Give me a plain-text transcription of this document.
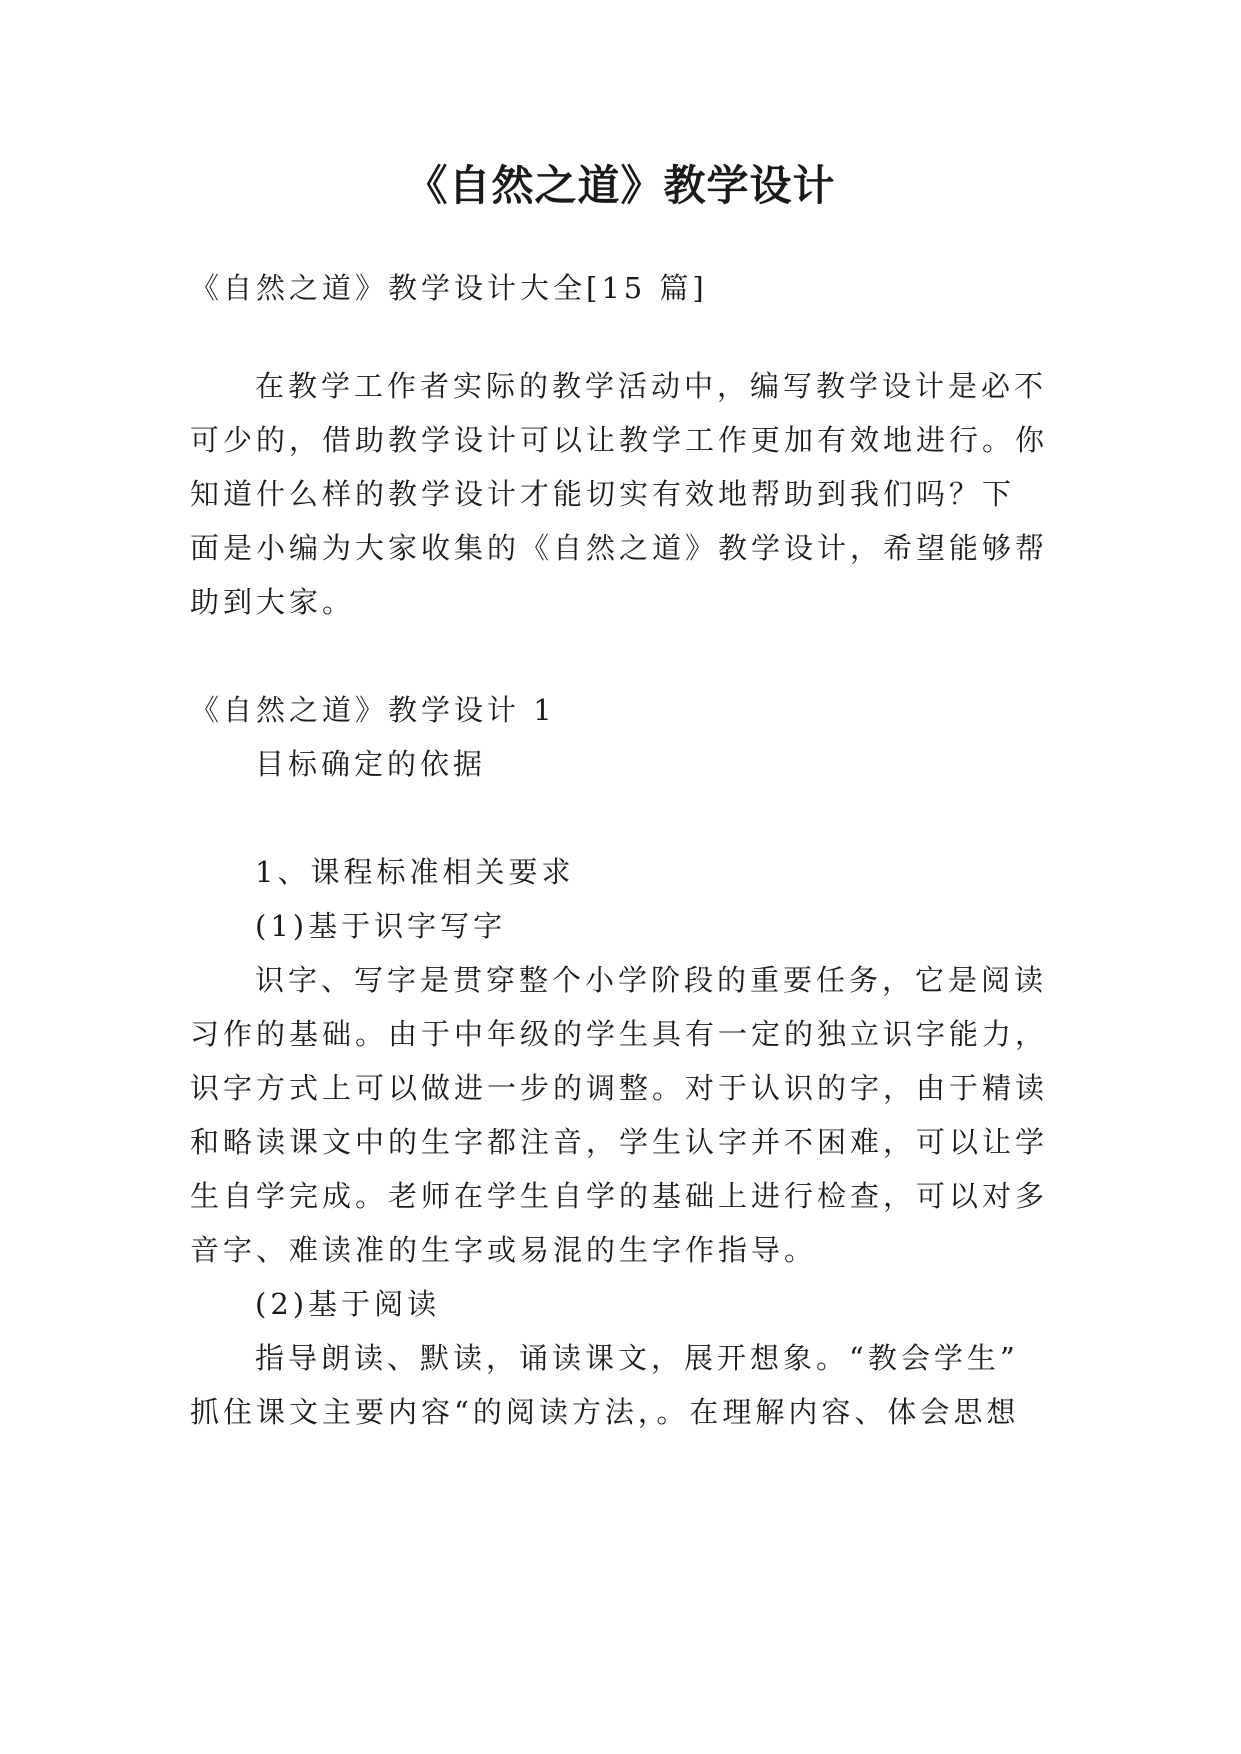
《自然之道》教学设计
《自然之道》教学设计大全[15 篇]
在教学工作者实际的教学活动中，编写教学设计是必不
可少的，借助教学设计可以让教学工作更加有效地进行。你
知道什么样的教学设计才能切实有效地帮助到我们吗？下
面是小编为大家收集的《自然之道》教学设计，希望能够帮
助到大家。
《自然之道》教学设计 1
目标确定的依据
1、课程标准相关要求
(1)基于识字写字
识字、写字是贯穿整个小学阶段的重要任务，它是阅读
习作的基础。由于中年级的学生具有一定的独立识字能力，
识字方式上可以做进一步的调整。对于认识的字，由于精读
和略读课文中的生字都注音，学生认字并不困难，可以让学
生自学完成。老师在学生自学的基础上进行检查，可以对多
音字、难读准的生字或易混的生字作指导。
(2)基于阅读
指导朗读、默读，诵读课文，展开想象。“教会学生”
抓住课文主要内容“的阅读方法，。在理解内容、体会思想
